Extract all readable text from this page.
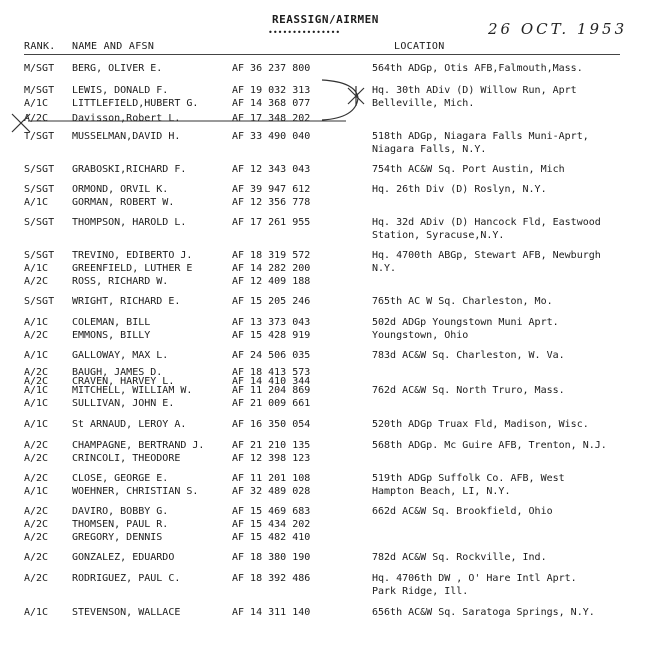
REASSIGN/AIRMEN
•••••••••••••••	26 OCT. 1953
RANK. NAME AND AFSN	LOCATION
M/SGT BERG, OLIVER E.	AF 36 237 800	564th ADGp, Otis AFB,Falmouth,Mass.
M/SGT LEWIS, DONALD F.	AF 19 032 313	Hq. 30th ADiv (D) Willow Run, Aprt
A/1C LITTLEFIELD,HUBERT G.	AF 14 368 077	Belleville, Mich.
A/2C Davisson,Robert L.	AF 17 348 202
T/SGT MUSSELMAN,DAVID H.	AF 33 490 040	518th ADGp, Niagara Falls Muni-Aprt,
Niagara Falls, N.Y.
S/SGT GRABOSKI,RICHARD F.	AF 12 343 043	754th AC&W Sq. Port Austin, Mich
S/SGT ORMOND, ORVIL K.	AF 39 947 612	Hq. 26th Div (D) Roslyn, N.Y.
A/1C GORMAN, ROBERT W.	AF 12 356 778
S/SGT THOMPSON, HAROLD L.	AF 17 261 955	Hq. 32d ADiv (D) Hancock Fld, Eastwood
Station, Syracuse,N.Y.
S/SGT TREVINO, EDIBERTO J.	AF 18 319 572	Hq. 4700th ABGp, Stewart AFB, Newburgh
A/1C GREENFIELD, LUTHER E	AF 14 282 200	N.Y.
A/2C ROSS, RICHARD W.	AF 12 409 188
S/SGT WRIGHT, RICHARD E.	AF 15 205 246	765th AC W Sq. Charleston, Mo.
A/1C COLEMAN, BILL	AF 13 373 043	502d ADGp Youngstown Muni Aprt.
A/2C EMMONS, BILLY	AF 15 428 919	Youngstown, Ohio
A/1C GALLOWAY, MAX L.	AF 24 506 035	783d AC&W Sq. Charleston, W. Va.
A/2C BAUGH, JAMES D.	AF 18 413 573
A/2C CRAVEN, HARVEY L.	AF 14 410 344
A/1C MITCHELL, WILLIAM W.	AF 11 204 869	762d AC&W Sq. North Truro, Mass.
A/1C SULLIVAN, JOHN E.	AF 21 009 661
A/1C St ARNAUD, LEROY A.	AF 16 350 054	520th ADGp Truax Fld, Madison, Wisc.
A/2C CHAMPAGNE, BERTRAND J.	AF 21 210 135	568th ADGp. Mc Guire AFB, Trenton, N.J.
A/2C CRINCOLI, THEODORE	AF 12 398 123
A/2C CLOSE, GEORGE E.	AF 11 201 108	519th ADGp Suffolk Co. AFB, West
A/1C WOEHNER, CHRISTIAN S.	AF 32 489 028	Hampton Beach, LI, N.Y.
A/2C DAVIRO, BOBBY G.	AF 15 469 683	662d AC&W Sq. Brookfield, Ohio
A/2C THOMSEN, PAUL R.	AF 15 434 202
A/2C GREGORY, DENNIS	AF 15 482 410
A/2C GONZALEZ, EDUARDO	AF 18 380 190	782d AC&W Sq. Rockville, Ind.
A/2C RODRIGUEZ, PAUL C.	AF 18 392 486	Hq. 4706th DW , O' Hare Intl Aprt.
Park Ridge, Ill.
A/1C STEVENSON, WALLACE	AF 14 311 140	656th AC&W Sq. Saratoga Springs, N.Y.
